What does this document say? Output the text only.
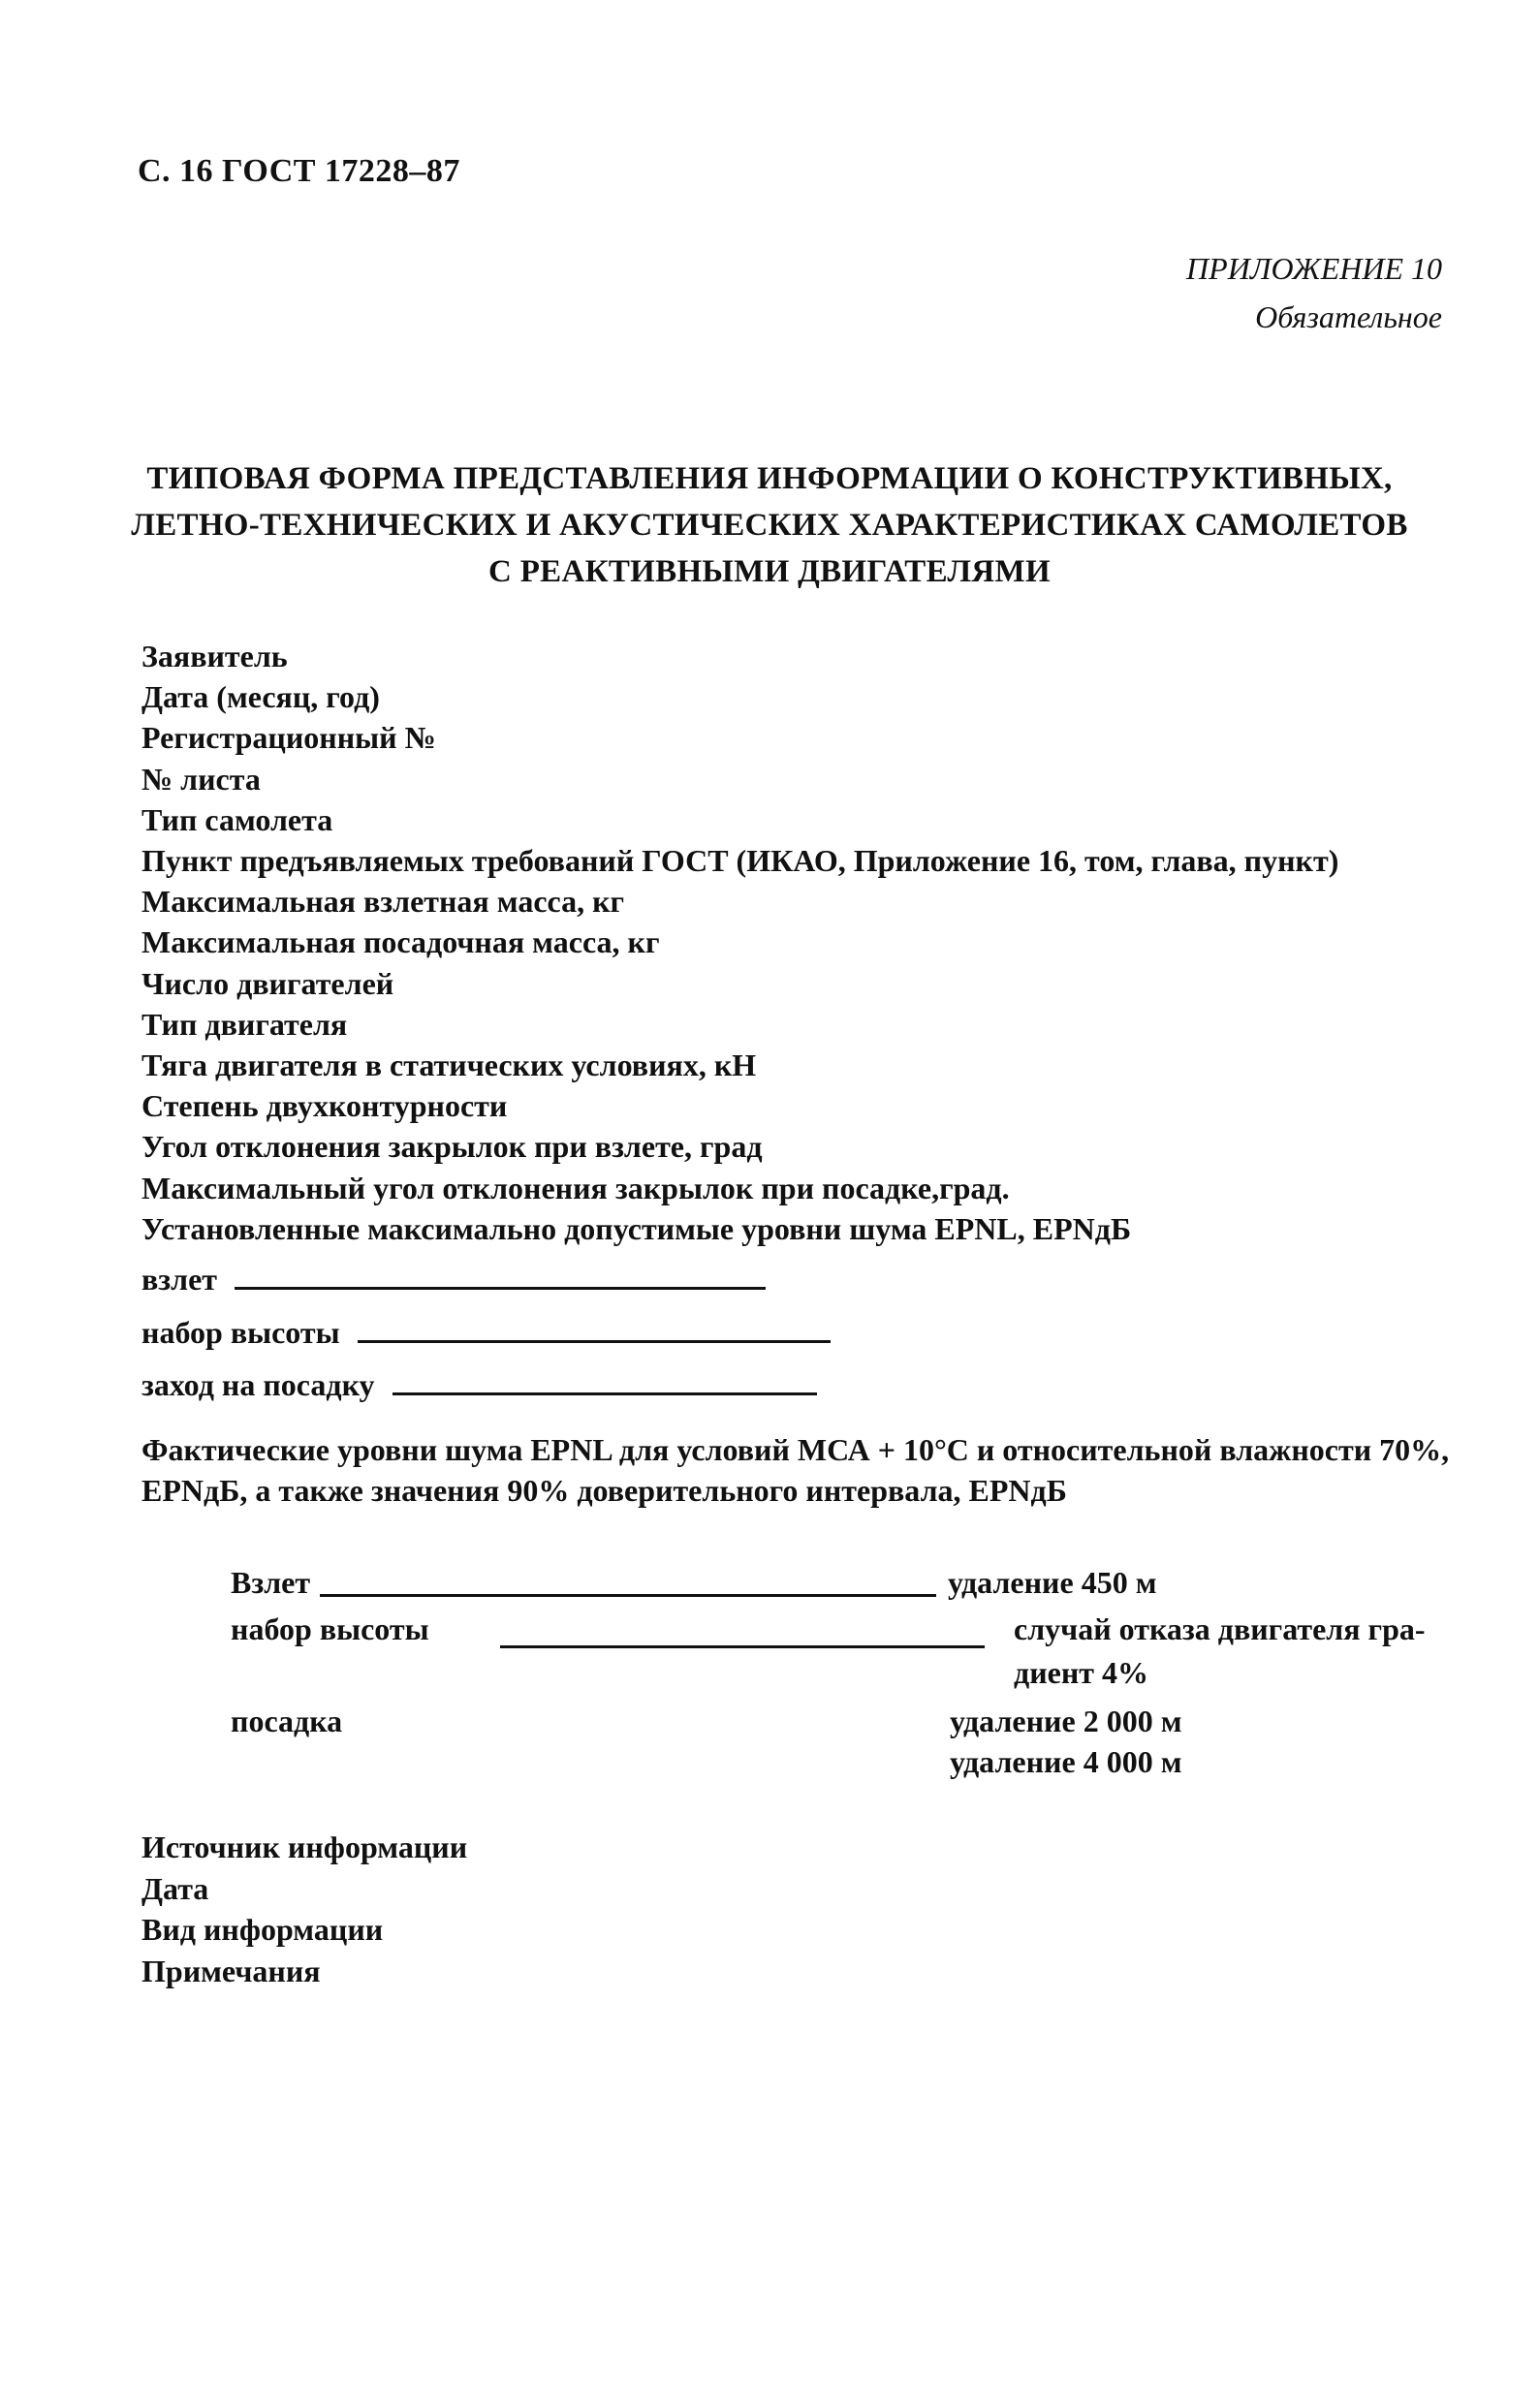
С. 16 ГОСТ 17228–87
ПРИЛОЖЕНИЕ 10
Обязательное
ТИПОВАЯ ФОРМА ПРЕДСТАВЛЕНИЯ ИНФОРМАЦИИ О КОНСТРУКТИВНЫХ,
ЛЕТНО-ТЕХНИЧЕСКИХ И АКУСТИЧЕСКИХ ХАРАКТЕРИСТИКАХ САМОЛЕТОВ
С РЕАКТИВНЫМИ ДВИГАТЕЛЯМИ
Заявитель
Дата (месяц, год)
Регистрационный №
№ листа
Тип самолета
Пункт предъявляемых требований ГОСТ (ИКАО, Приложение 16, том, глава, пункт)
Максимальная взлетная масса, кг
Максимальная посадочная масса, кг
Число двигателей
Тип двигателя
Тяга двигателя в статических условиях, кН
Степень двухконтурности
Угол отклонения закрылок при взлете, град
Максимальный угол отклонения закрылок при посадке,град.
Установленные максимально допустимые уровни шума EPNL, EPNдБ
взлет
набор высоты
заход на посадку
Фактические уровни шума EPNL для условий МСА + 10°С и относительной влажности 70%, EPNдБ, а также значения 90% доверительного интервала, EPNдБ
Взлет	удаление 450 м
набор высоты	случай отказа двигателя гра-
диент 4%
посадка	удаление 2 000 м
удаление 4 000 м
Источник информации
Дата
Вид информации
Примечания
